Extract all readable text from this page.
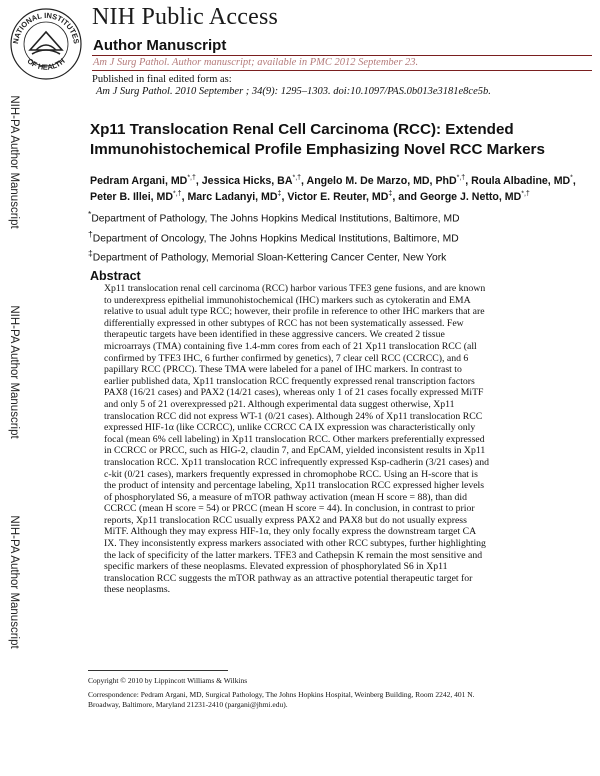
NATIONAL INSTITUTES
OF HEALTH
NIH Public Access
Author Manuscript
Am J Surg Pathol. Author manuscript; available in PMC 2012 September 23.
Published in final edited form as:
Am J Surg Pathol. 2010 September ; 34(9): 1295–1303. doi:10.1097/PAS.0b013e3181e8ce5b.
NIH-PA Author Manuscript
NIH-PA Author Manuscript
NIH-PA Author Manuscript
Xp11 Translocation Renal Cell Carcinoma (RCC): Extended
Immunohistochemical Profile Emphasizing Novel RCC Markers
Pedram Argani, MD*,†, Jessica Hicks, BA*,†, Angelo M. De Marzo, MD, PhD*,†, Roula Albadine, MD*, Peter B. Illei, MD*,†, Marc Ladanyi, MD‡, Victor E. Reuter, MD‡, and George J. Netto, MD*,†
*Department of Pathology, The Johns Hopkins Medical Institutions, Baltimore, MD
†Department of Oncology, The Johns Hopkins Medical Institutions, Baltimore, MD
‡Department of Pathology, Memorial Sloan-Kettering Cancer Center, New York
Abstract
Xp11 translocation renal cell carcinoma (RCC) harbor various TFE3 gene fusions, and are known
to underexpress epithelial immunohistochemical (IHC) markers such as cytokeratin and EMA
relative to usual adult type RCC; however, their profile in reference to other IHC markers that are
differentially expressed in other subtypes of RCC has not been systematically assessed. Few
therapeutic targets have been identified in these aggressive cancers. We created 2 tissue
microarrays (TMA) containing five 1.4-mm cores from each of 21 Xp11 translocation RCC (all
confirmed by TFE3 IHC, 6 further confirmed by genetics), 7 clear cell RCC (CCRCC), and 6
papillary RCC (PRCC). These TMA were labeled for a panel of IHC markers. In contrast to
earlier published data, Xp11 translocation RCC frequently expressed renal transcription factors
PAX8 (16/21 cases) and PAX2 (14/21 cases), whereas only 1 of 21 cases focally expressed MiTF
and only 5 of 21 overexpressed p21. Although experimental data suggest otherwise, Xp11
translocation RCC did not express WT-1 (0/21 cases). Although 24% of Xp11 translocation RCC
expressed HIF-1α (like CCRCC), unlike CCRCC CA IX expression was characteristically only
focal (mean 6% cell labeling) in Xp11 translocation RCC. Other markers preferentially expressed
in CCRCC or PRCC, such as HIG-2, claudin 7, and EpCAM, yielded inconsistent results in Xp11
translocation RCC. Xp11 translocation RCC infrequently expressed Ksp-cadherin (3/21 cases) and
c-kit (0/21 cases), markers frequently expressed in chromophobe RCC. Using an H-score that is
the product of intensity and percentage labeling, Xp11 translocation RCC expressed higher levels
of phosphorylated S6, a measure of mTOR pathway activation (mean H score = 88), than did
CCRCC (mean H score = 54) or PRCC (mean H score = 44). In conclusion, in contrast to prior
reports, Xp11 translocation RCC usually express PAX2 and PAX8 but do not usually express
MiTF. Although they may express HIF-1α, they only focally express the downstream target CA
IX. They inconsistently express markers associated with other RCC subtypes, further highlighting
the lack of specificity of the latter markers. TFE3 and Cathepsin K remain the most sensitive and
specific markers of these neoplasms. Elevated expression of phosphorylated S6 in Xp11
translocation RCC suggests the mTOR pathway as an attractive potential therapeutic target for
these neoplasms.
Copyright © 2010 by Lippincott Williams & Wilkins
Correspondence: Pedram Argani, MD, Surgical Pathology, The Johns Hopkins Hospital, Weinberg Building, Room 2242, 401 N.
Broadway, Baltimore, Maryland 21231-2410 (pargani@jhmi.edu).
